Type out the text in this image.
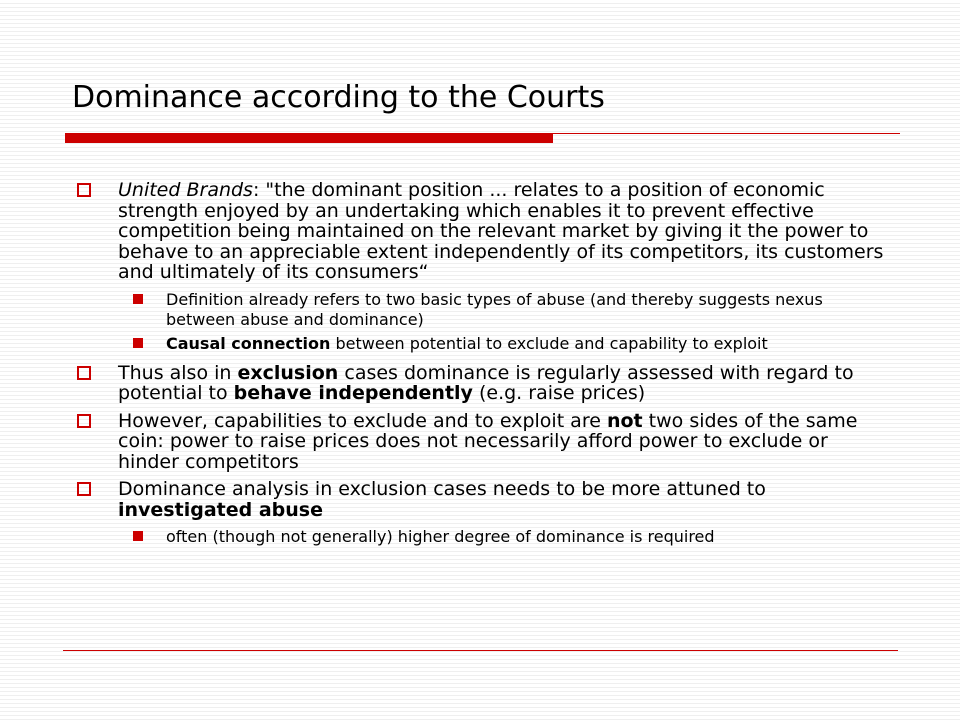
Dominance according to the Courts
United Brands: "the dominant position ... relates to a position of economic strength enjoyed by an undertaking which enables it to prevent effective competition being maintained on the relevant market by giving it the power to behave to an appreciable extent independently of its competitors, its customers and ultimately of its consumers“
Definition already refers to two basic types of abuse (and thereby suggests nexus between abuse and dominance)
Causal connection between potential to exclude and capability to exploit
Thus also in exclusion cases dominance is regularly assessed with regard to potential to behave independently (e.g. raise prices)
However, capabilities to exclude and to exploit are not two sides of the same coin: power to raise prices does not necessarily afford power to exclude or hinder competitors
Dominance analysis in exclusion cases needs to be more attuned to investigated abuse
often (though not generally) higher degree of dominance is required
